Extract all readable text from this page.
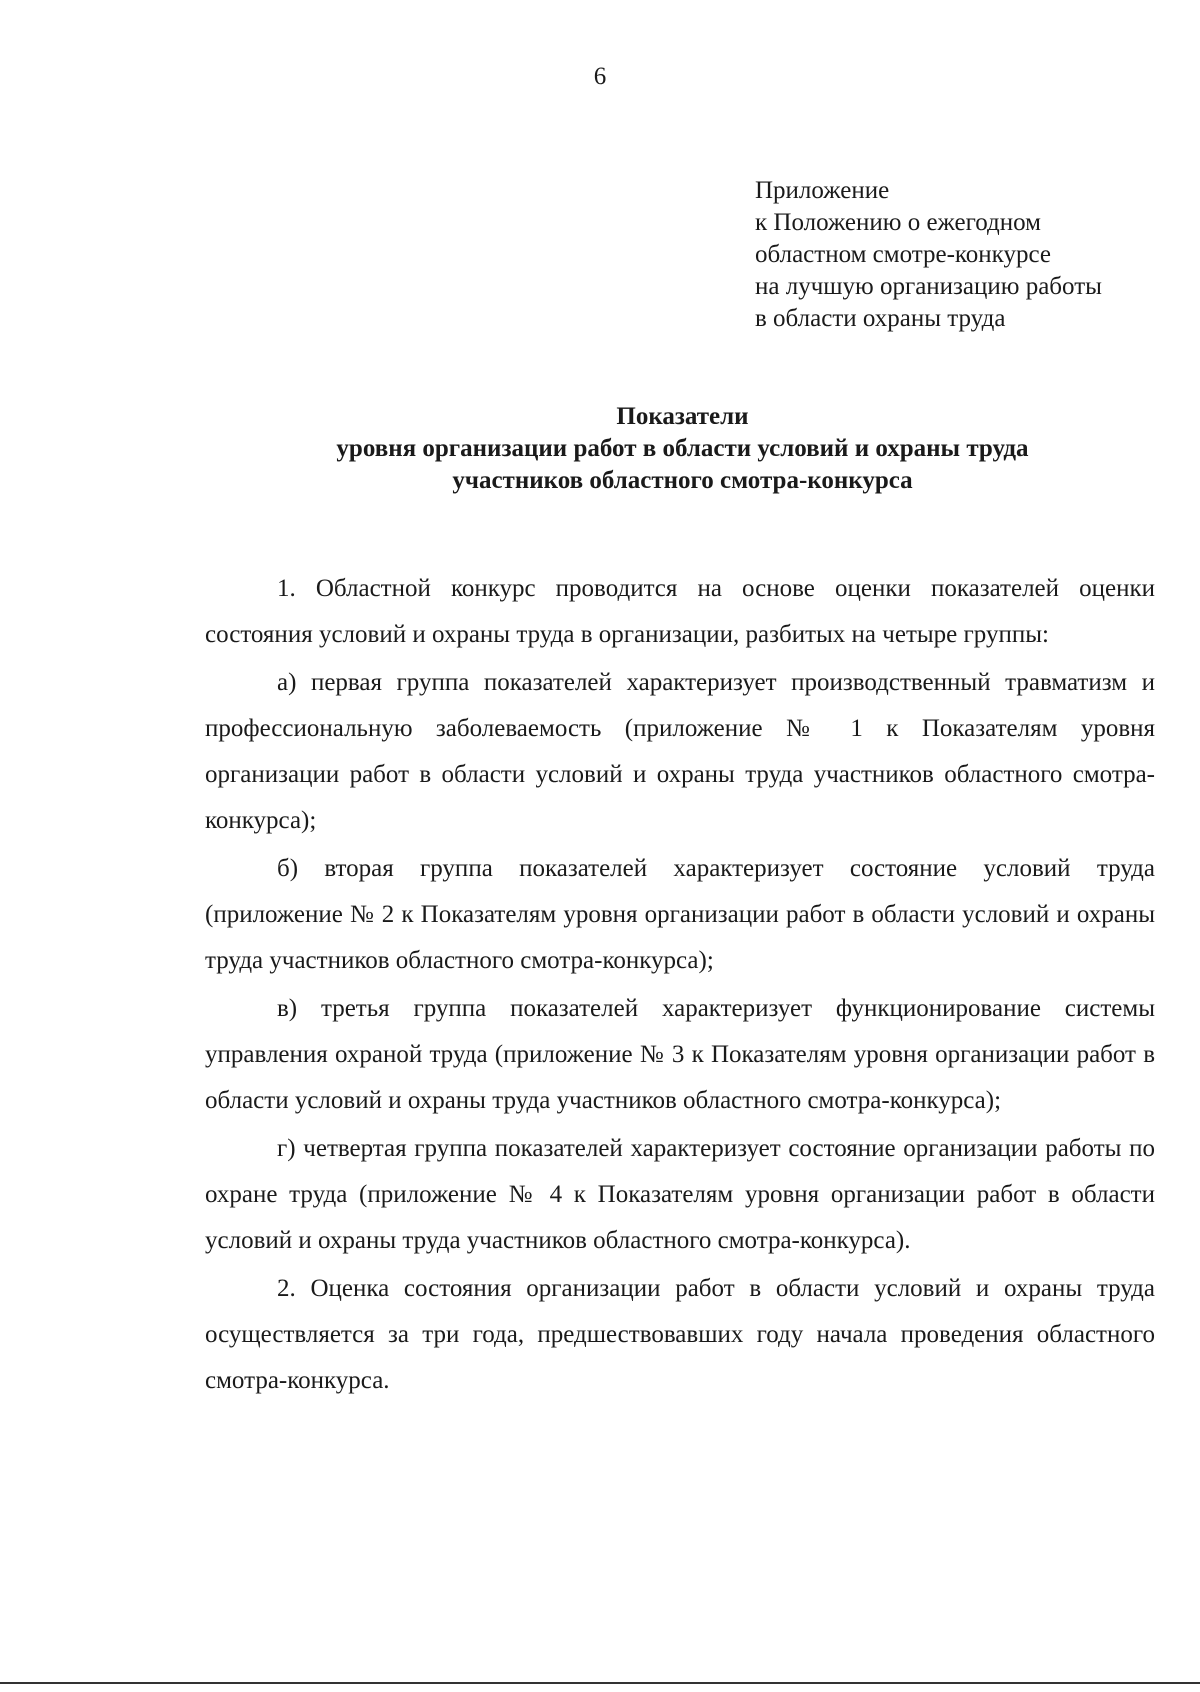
6
Приложение
к Положению о ежегодном
областном смотре-конкурсе
на лучшую организацию работы
в области охраны труда
Показатели
уровня организации работ в области условий и охраны труда
участников областного смотра-конкурса

1. Областной конкурс проводится на основе оценки показателей оценки состояния условий и охраны труда в организации, разбитых на четыре группы:

а) первая группа показателей характеризует производственный травматизм и профессиональную заболеваемость (приложение № 1 к Показателям уровня организации работ в области условий и охраны труда участников областного смотра-конкурса);

б) вторая группа показателей характеризует состояние условий труда (приложение № 2 к Показателям уровня организации работ в области условий и охраны труда участников областного смотра-конкурса);

в) третья группа показателей характеризует функционирование системы управления охраной труда (приложение № 3 к Показателям уровня организации работ в области условий и охраны труда участников областного смотра-конкурса);

г) четвертая группа показателей характеризует состояние организации работы по охране труда (приложение № 4 к Показателям уровня организации работ в области условий и охраны труда участников областного смотра-конкурса).

2. Оценка состояния организации работ в области условий и охраны труда осуществляется за три года, предшествовавших году начала проведения областного смотра-конкурса.
